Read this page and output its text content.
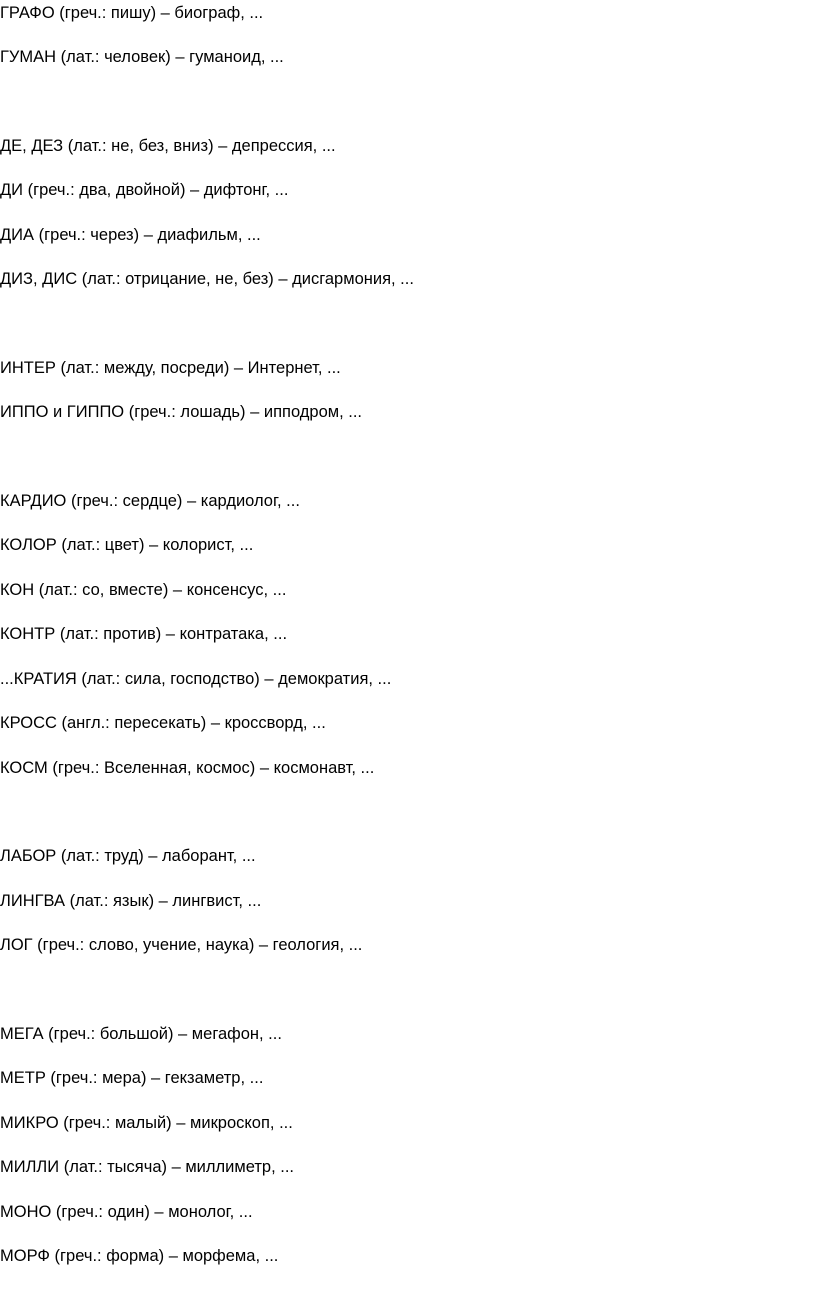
ГРАФО (греч.: пишу) – биограф, ...
ГУМАН (лат.: человек) – гуманоид, ...
ДЕ, ДЕЗ (лат.: не, без, вниз) – депрессия, ...
ДИ (греч.: два, двойной) – дифтонг, ...
ДИА (греч.: через) – диафильм, ...
ДИЗ, ДИС (лат.: отрицание, не, без) – дисгармония, ...
ИНТЕР (лат.: между, посреди) – Интернет, ...
ИППО и ГИППО (греч.: лошадь) – ипподром, ...
КАРДИО (греч.: сердце) – кардиолог, ...
КОЛОР (лат.: цвет) – колорист, ...
КОН (лат.: со, вместе) – консенсус, ...
КОНТР (лат.: против) – контратака, ...
...КРАТИЯ (лат.: сила, господство) – демократия, ...
КРОСС (англ.: пересекать) – кроссворд, ...
КОСМ (греч.: Вселенная, космос) – космонавт, ...
ЛАБОР (лат.: труд) – лаборант, ...
ЛИНГВА (лат.: язык) – лингвист, ...
ЛОГ (греч.: слово, учение, наука) – геология, ...
МЕГА (греч.: большой) – мегафон, ...
МЕТР (греч.: мера) – гекзаметр, ...
МИКРО (греч.: малый) – микроскоп, ...
МИЛЛИ (лат.: тысяча) – миллиметр, ...
МОНО (греч.: один) – монолог, ...
МОРФ (греч.: форма) – морфема, ...
